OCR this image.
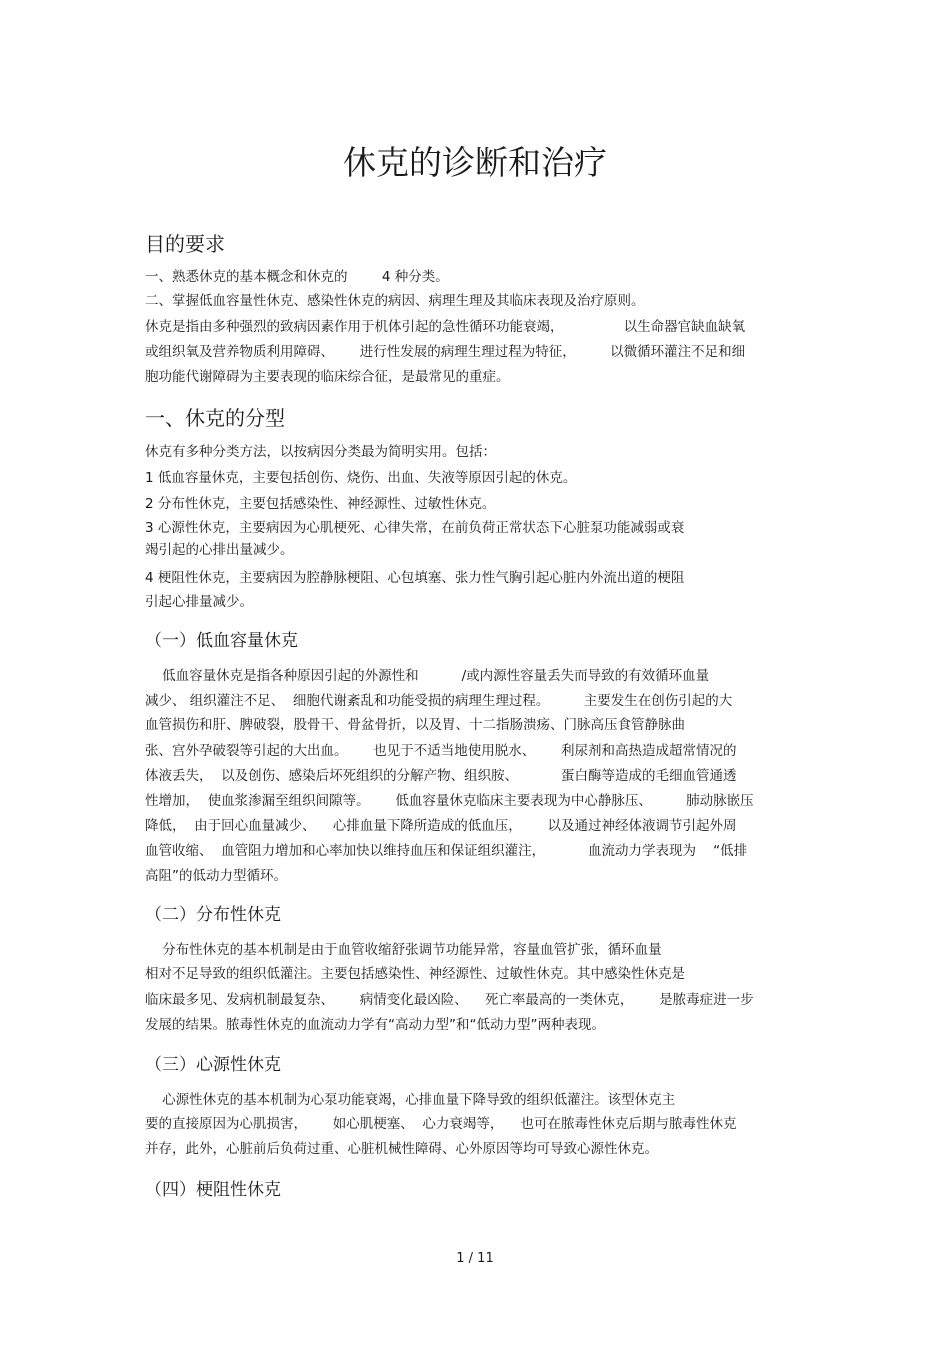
休克的诊断和治疗
目的要求
一、熟悉休克的基本概念和休克的        4 种分类。
二、掌握低血容量性休克、感染性休克的病因、病理生理及其临床表现及治疗原则。
休克是指由多种强烈的致病因素作用于机体引起的急性循环功能衰竭，              以生命器官缺血缺氧
或组织氧及营养物质利用障碍、      进行性发展的病理生理过程为特征，        以微循环灌注不足和细
胞功能代谢障碍为主要表现的临床综合征，是最常见的重症。
一、休克的分型
休克有多种分类方法，以按病因分类最为简明实用。包括：
1 低血容量休克，主要包括创伤、烧伤、出血、失液等原因引起的休克。
2 分布性休克，主要包括感染性、神经源性、过敏性休克。
3 心源性休克，主要病因为心肌梗死、心律失常，在前负荷正常状态下心脏泵功能减弱或衰
竭引起的心排出量减少。
4 梗阻性休克，主要病因为腔静脉梗阻、心包填塞、张力性气胸引起心脏内外流出道的梗阻
引起心排量减少。
（一）低血容量休克
低血容量休克是指各种原因引起的外源性和          /或内源性容量丢失而导致的有效循环血量
减少、 组织灌注不足、  细胞代谢紊乱和功能受损的病理生理过程。        主要发生在创伤引起的大
血管损伤和肝、脾破裂，股骨干、骨盆骨折，以及胃、十二指肠溃疡、门脉高压食管静脉曲
张、宫外孕破裂等引起的大出血。      也见于不适当地使用脱水、      利尿剂和高热造成超常情况的
体液丢失，  以及创伤、感染后坏死组织的分解产物、组织胺、          蛋白酶等造成的毛细血管通透
性增加，  使血浆渗漏至组织间隙等。      低血容量休克临床主要表现为中心静脉压、        肺动脉嵌压
降低，  由于回心血量减少、    心排血量下降所造成的低血压，      以及通过神经体液调节引起外周
血管收缩、  血管阻力增加和心率加快以维持血压和保证组织灌注，          血流动力学表现为    “低排
高阻”的低动力型循环。
（二）分布性休克
分布性休克的基本机制是由于血管收缩舒张调节功能异常，容量血管扩张，循环血量
相对不足导致的组织低灌注。主要包括感染性、神经源性、过敏性休克。其中感染性休克是
临床最多见、发病机制最复杂、      病情变化最凶险、    死亡率最高的一类休克，      是脓毒症进一步
发展的结果。脓毒性休克的血流动力学有“高动力型”和“低动力型”两种表现。
（三）心源性休克
心源性休克的基本机制为心泵功能衰竭，心排血量下降导致的组织低灌注。该型休克主
要的直接原因为心肌损害，      如心肌梗塞、  心力衰竭等，    也可在脓毒性休克后期与脓毒性休克
并存，此外，心脏前后负荷过重、心脏机械性障碍、心外原因等均可导致心源性休克。
（四）梗阻性休克
1 / 11
